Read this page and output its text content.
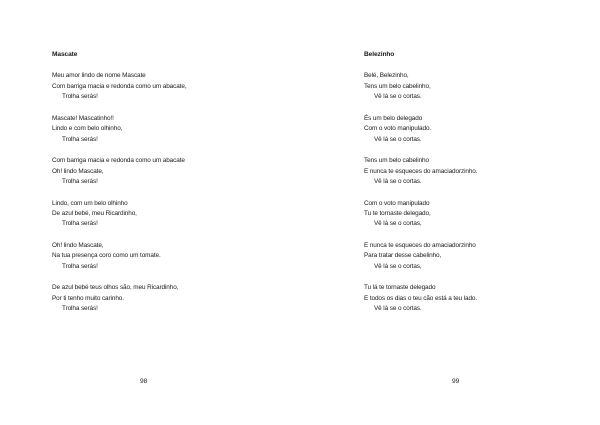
Mascate
Meu amor lindo de nome Mascate
Com barriga macia e redonda como um abacate,
Trolha serás!
Mascate! Mascatinho!!
Lindo e com belo olhinho,
Trolha serás!
Com barriga macia e redonda como um abacate
Oh! lindo Mascate,
Trolha serás!
Lindo, com um belo olhinho
De azul bebé, meu Ricardinho,
Trolha serás!
Oh! lindo Mascate,
Na tua presença coro como um tomate.
Trolha serás!
De azul bebé teus olhos são, meu Ricardinho,
Por ti tenho muito carinho.
Trolha serás!
98
Belezinho
Belé, Belezinho,
Tens um belo cabelinho,
Vê lá se o cortas.
És um belo delegado
Com o voto manipulado.
Vê lá se o cortas.
Tens um belo cabelinho
E nunca te esqueces do amaciadorzinho.
Vê lá se o cortas.
Com o voto manipulado
Tu te tornaste delegado,
Vê lá se o cortas,
E nunca te esqueces do amaciadorzinho
Para tratar desse cabelinho,
Vê lá se o cortas,
Tu lá te tornaste delegado
E todos os dias o teu cão está a teu lado.
Vê lá se o cortas.
99
